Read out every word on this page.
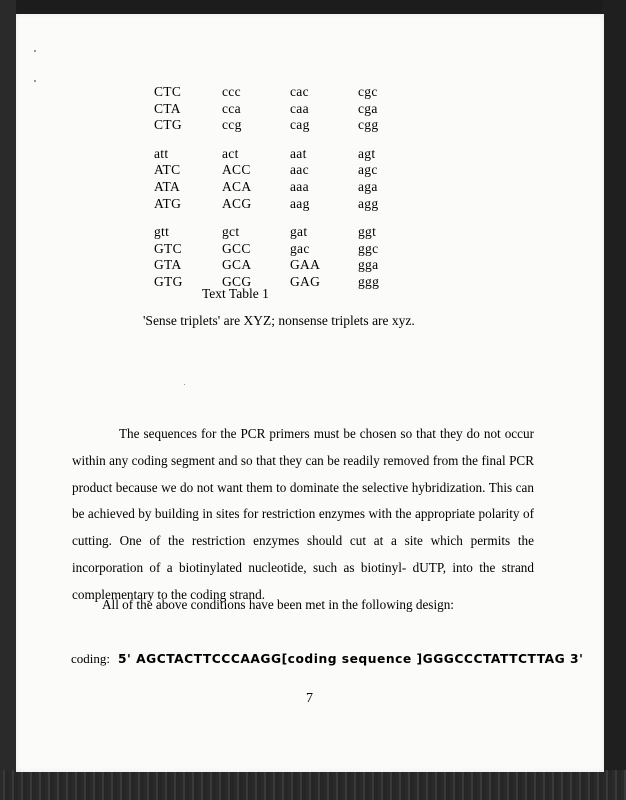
CTC	ccc	cac	cgc
CTA	cca	caa	cga
CTG	ccg	cag	cgg
att	act	aat	agt
ATC	ACC	aac	agc
ATA	ACA	aaa	aga
ATG	ACG	aag	agg
gtt	gct	gat	ggt
GTC	GCC	gac	ggc
GTA	GCA	GAA	gga
GTG	GCG	GAG	ggg
Text Table 1
'Sense triplets' are XYZ; nonsense triplets are xyz.

The sequences for the PCR primers must be chosen so that they do not occur within any coding segment and so that they can be readily removed from the final PCR product because we do not want them to dominate the selective hybridization. This can be achieved by building in sites for restriction enzymes with the appropriate polarity of cutting. One of the restriction enzymes should cut at a site which permits the incorporation of a biotinylated nucleotide, such as biotinyl- dUTP, into the strand complementary to the coding strand.

All of the above conditions have been met in the following design:
coding: 5' AGCTACTTCCCAAGG[coding sequence ]GGGCCCTATTCTTAG 3'
7
